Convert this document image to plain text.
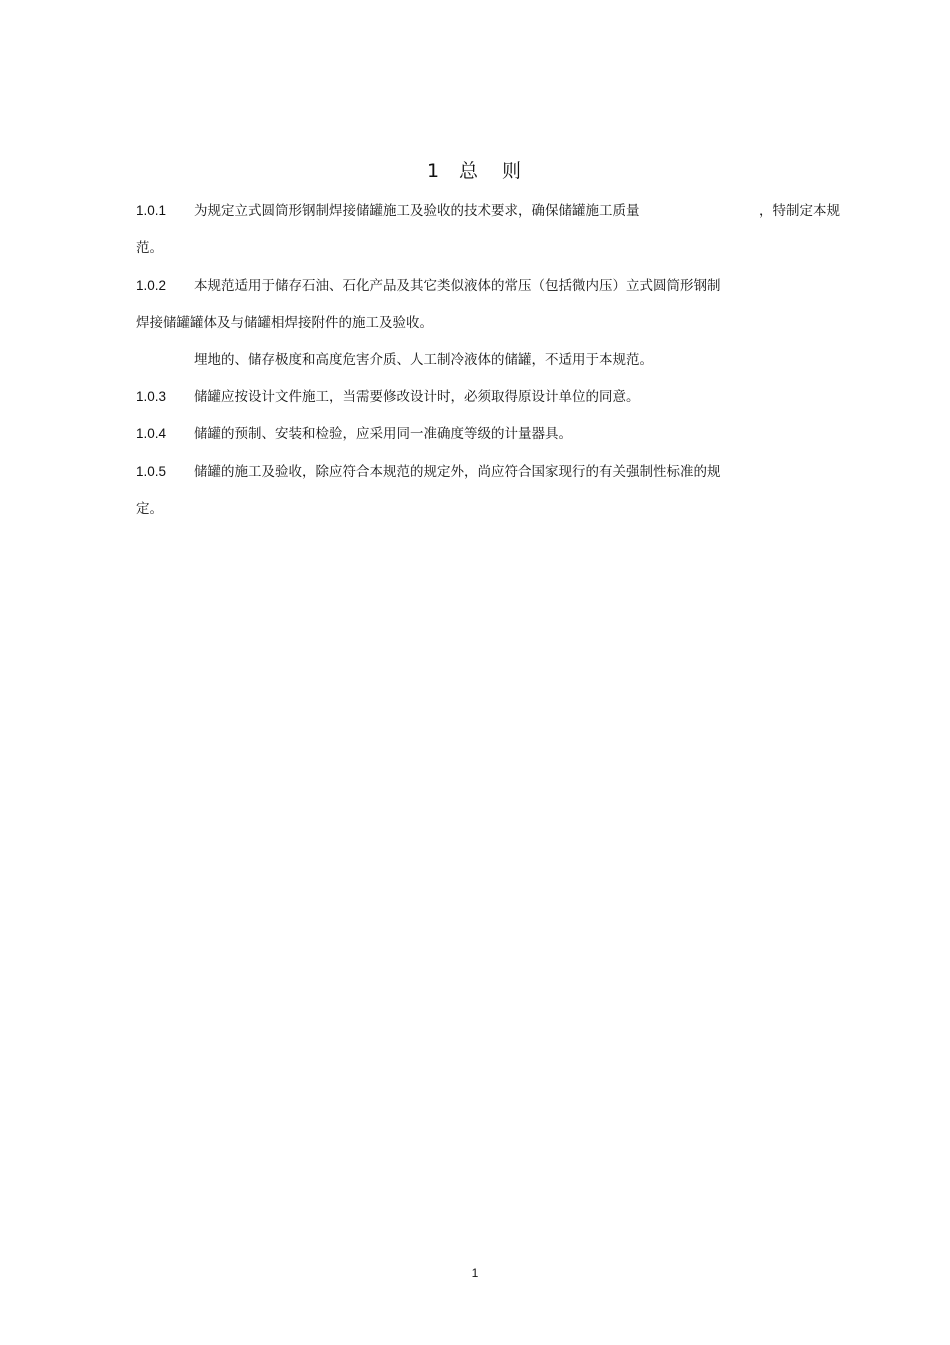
1 总 则
1.0.1 为规定立式圆筒形钢制焊接储罐施工及验收的技术要求，确保储罐施工质量	，特制定本规
范。
1.0.2 本规范适用于储存石油、石化产品及其它类似液体的常压（包括微内压）立式圆筒形钢制
焊接储罐罐体及与储罐相焊接附件的施工及验收。
埋地的、储存极度和高度危害介质、人工制冷液体的储罐，不适用于本规范。
1.0.3 储罐应按设计文件施工，当需要修改设计时，必须取得原设计单位的同意。
1.0.4 储罐的预制、安装和检验，应采用同一准确度等级的计量器具。
1.0.5 储罐的施工及验收，除应符合本规范的规定外，尚应符合国家现行的有关强制性标准的规
定。
1
